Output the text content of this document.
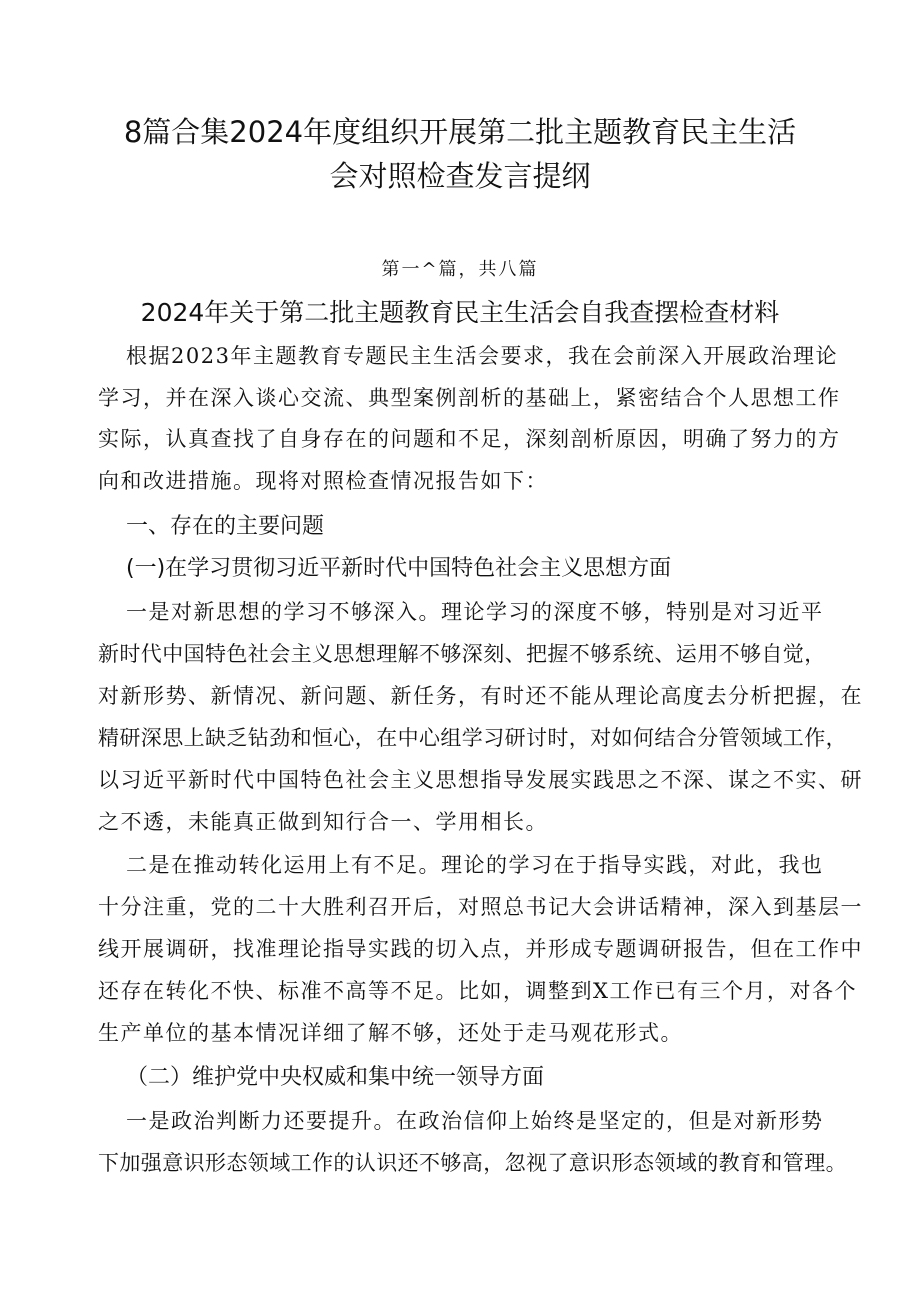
8篇合集2024年度组织开展第二批主题教育民主生活
会对照检查发言提纲
第一^篇，共八篇
2024年关于第二批主题教育民主生活会自我查摆检查材料
根据2023年主题教育专题民主生活会要求，我在会前深入开展政治理论
学习，并在深入谈心交流、典型案例剖析的基础上，紧密结合个人思想工作
实际，认真查找了自身存在的问题和不足，深刻剖析原因，明确了努力的方
向和改进措施。现将对照检查情况报告如下：
一、存在的主要问题
(一)在学习贯彻习近平新时代中国特色社会主义思想方面
一是对新思想的学习不够深入。理论学习的深度不够，特别是对习近平
新时代中国特色社会主义思想理解不够深刻、把握不够系统、运用不够自觉，
对新形势、新情况、新问题、新任务，有时还不能从理论高度去分析把握，在
精研深思上缺乏钻劲和恒心，在中心组学习研讨时，对如何结合分管领域工作，
以习近平新时代中国特色社会主义思想指导发展实践思之不深、谋之不实、研
之不透，未能真正做到知行合一、学用相长。
二是在推动转化运用上有不足。理论的学习在于指导实践，对此，我也
十分注重，党的二十大胜利召开后，对照总书记大会讲话精神，深入到基层一
线开展调研，找准理论指导实践的切入点，并形成专题调研报告，但在工作中
还存在转化不快、标准不高等不足。比如，调整到X工作已有三个月，对各个
生产单位的基本情况详细了解不够，还处于走马观花形式。
（二）维护党中央权威和集中统一领导方面
一是政治判断力还要提升。在政治信仰上始终是坚定的，但是对新形势
下加强意识形态领域工作的认识还不够高，忽视了意识形态领域的教育和管理。
